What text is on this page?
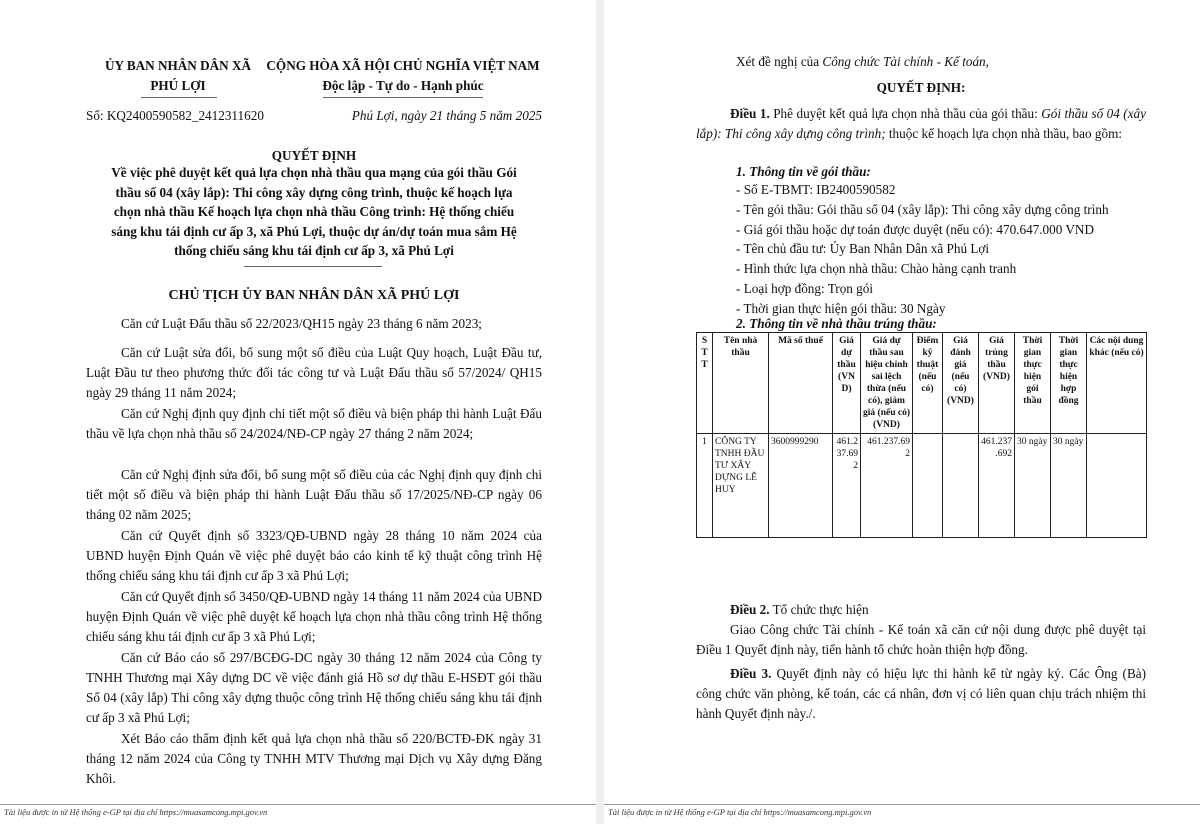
ỦY BAN NHÂN DÂN XÃ
PHÚ LỢI
CỘNG HÒA XÃ HỘI CHỦ NGHĨA VIỆT NAM
Độc lập - Tự do - Hạnh phúc
Số: KQ2400590582_2412311620	Phú Lợi, ngày 21 tháng 5 năm 2025
QUYẾT ĐỊNH
Về việc phê duyệt kết quả lựa chọn nhà thầu qua mạng của gói thầu Gói
thầu số 04 (xây lắp): Thi công xây dựng công trình, thuộc kế hoạch lựa
chọn nhà thầu Kế hoạch lựa chọn nhà thầu Công trình: Hệ thống chiếu
sáng khu tái định cư ấp 3, xã Phú Lợi, thuộc dự án/dự toán mua sắm Hệ
thống chiếu sáng khu tái định cư ấp 3, xã Phú Lợi
CHỦ TỊCH ỦY BAN NHÂN DÂN XÃ PHÚ LỢI
Căn cứ Luật Đấu thầu số 22/2023/QH15 ngày 23 tháng 6 năm 2023;
Căn cứ Luật sửa đổi, bổ sung một số điều của Luật Quy hoạch, Luật Đầu tư, Luật Đầu tư theo phương thức đối tác công tư và Luật Đấu thầu số 57/2024/ QH15 ngày 29 tháng 11 năm 2024;
Căn cứ Nghị định quy định chi tiết một số điều và biện pháp thi hành Luật Đấu thầu về lựa chọn nhà thầu số 24/2024/NĐ-CP ngày 27 tháng 2 năm 2024;
Căn cứ Nghị định sửa đổi, bổ sung một số điều của các Nghị định quy định chi tiết một số điều và biện pháp thi hành Luật Đấu thầu số 17/2025/NĐ-CP ngày 06 tháng 02 năm 2025;
Căn cứ Quyết định số 3323/QĐ-UBND ngày 28 tháng 10 năm 2024 của UBND huyện Định Quán về việc phê duyệt báo cáo kinh tế kỹ thuật công trình Hệ thống chiếu sáng khu tái định cư ấp 3 xã Phú Lợi;
Căn cứ Quyết định số 3450/QĐ-UBND ngày 14 tháng 11 năm 2024 của UBND huyện Định Quán về việc phê duyệt kế hoạch lựa chọn nhà thầu công trình Hệ thống chiếu sáng khu tái định cư ấp 3 xã Phú Lợi;
Căn cứ Báo cáo số 297/BCĐG-DC ngày 30 tháng 12 năm 2024 của Công ty TNHH Thương mại Xây dựng DC về việc đánh giá Hồ sơ dự thầu E-HSĐT gói thầu Số 04 (xây lắp) Thi công xây dựng thuộc công trình Hệ thống chiếu sáng khu tái định cư ấp 3 xã Phú Lợi;
Xét Báo cáo thẩm định kết quả lựa chọn nhà thầu số 220/BCTĐ-ĐK ngày 31 tháng 12 năm 2024 của Công ty TNHH MTV Thương mại Dịch vụ Xây dựng Đăng Khôi.
Tài liệu được in từ Hệ thống e-GP tại địa chỉ https://muasamcong.mpi.gov.vn
Xét đề nghị của Công chức Tài chính - Kế toán,
QUYẾT ĐỊNH:
Điều 1. Phê duyệt kết quả lựa chọn nhà thầu của gói thầu: Gói thầu số 04 (xây lắp): Thi công xây dựng công trình; thuộc kế hoạch lựa chọn nhà thầu, bao gồm:
1. Thông tin về gói thầu:
- Số E-TBMT: IB2400590582
- Tên gói thầu: Gói thầu số 04 (xây lắp): Thi công xây dựng công trình
- Giá gói thầu hoặc dự toán được duyệt (nếu có): 470.647.000 VND
- Tên chủ đầu tư: Ủy Ban Nhân Dân xã Phú Lợi
- Hình thức lựa chọn nhà thầu: Chào hàng cạnh tranh
- Loại hợp đồng: Trọn gói
- Thời gian thực hiện gói thầu: 30 Ngày
2. Thông tin về nhà thầu trúng thầu:
STT	Tên nhà thầu	Mã số thuế	Giá dự thầu (VND)	Giá dự thầu sau hiệu chỉnh sai lệch thừa (nếu có), giảm giá (nếu có) (VND)	Điểm kỹ thuật (nếu có)	Giá đánh giá (nếu có) (VND)	Giá trúng thầu (VND)	Thời gian thực hiện gói thầu	Thời gian thực hiện hợp đồng	Các nội dung khác (nếu có)
1	CÔNG TY TNHH ĐẦU TƯ XÂY DỰNG LÊ HUY	3600999290	461.237.692	461.237.692			461.237.692	30 ngày	30 ngày	
Điều 2. Tổ chức thực hiện
Giao Công chức Tài chính - Kế toán xã căn cứ nội dung được phê duyệt tại Điều 1 Quyết định này, tiến hành tổ chức hoàn thiện hợp đồng.
Điều 3. Quyết định này có hiệu lực thi hành kể từ ngày ký. Các Ông (Bà) công chức văn phòng, kế toán, các cá nhân, đơn vị có liên quan chịu trách nhiệm thi hành Quyết định này./.
Tài liệu được in từ Hệ thống e-GP tại địa chỉ https://muasamcong.mpi.gov.vn
